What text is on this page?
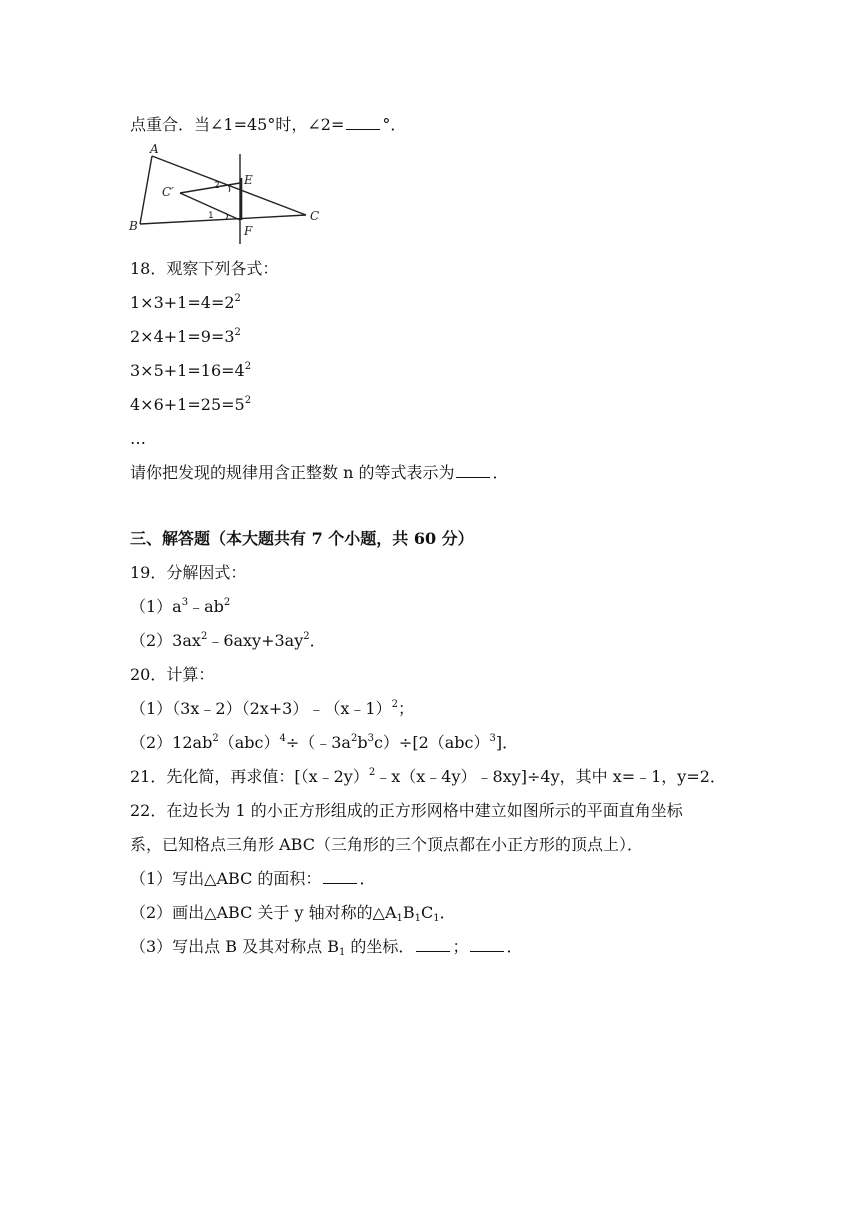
点重合．当∠1=45°时，∠2= °．
A
B
C
C′
E
F
2
1
18．观察下列各式：
$1\times 3+1=4=2^2$
$2\times 4+1=9=3^2$
$3\times 5+1=16=4^2$
$4\times 6+1=25=5^2$
…
请你把发现的规律用含正整数 n 的等式表示为 ．
三、解答题（本大题共有 7 个小题，共 60 分）
19．分解因式：
$(1)a^3﹣ab^2$
$(2)3ax^2﹣6axy+3ay^2$．
20．计算：
（1）（3x﹣2）（2x+3）﹣（x﹣1）$^2$；
$(2)12ab^2(abc)^4\div(﹣3a^2b^3c)\div[2(abc)^3]$．
21．先化简，再求值：[（x﹣2y）$^2$﹣x（x﹣4y）﹣8xy]÷4y，其中 x=﹣1，y=2．
22．在边长为 1 的小正方形组成的正方形网格中建立如图所示的平面直角坐标
系，已知格点三角形 ABC（三角形的三个顶点都在小正方形的顶点上）．
（1）写出△ABC 的面积： ．
（2）画出△ABC 关于 y 轴对称的$\triangle A_1B_1C_1$．
（3）写出点 B 及其对称点 $B_1$ 的坐标． ； ．
